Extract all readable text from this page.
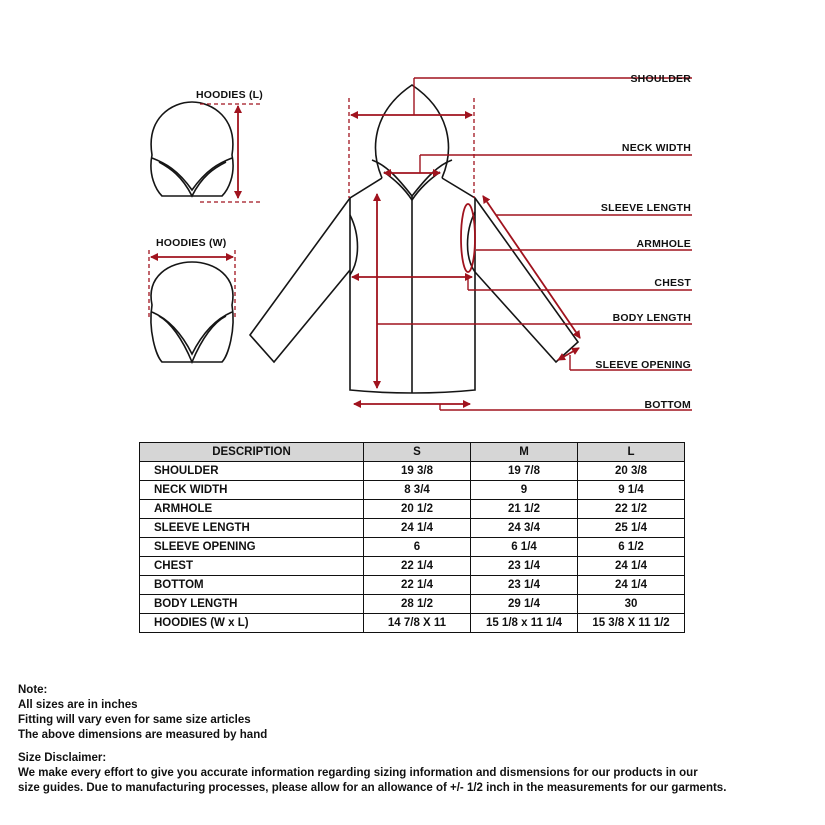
HOODIES (L)
HOODIES (W)
SHOULDER
NECK WIDTH
SLEEVE LENGTH
ARMHOLE
CHEST
BODY LENGTH
SLEEVE OPENING
BOTTOM
DESCRIPTION	S	M	L
SHOULDER	19 3/8	19 7/8	20 3/8
NECK WIDTH	8 3/4	9	9 1/4
ARMHOLE	20 1/2	21 1/2	22 1/2
SLEEVE LENGTH	24 1/4	24 3/4	25 1/4
SLEEVE OPENING	6	6 1/4	6 1/2
CHEST	22 1/4	23 1/4	24 1/4
BOTTOM	22 1/4	23 1/4	24 1/4
BODY LENGTH	28 1/2	29 1/4	30
HOODIES (W x L)	14 7/8 X 11	15 1/8 x 11 1/4	15 3/8 X 11 1/2

Note:

All sizes are in inches

Fitting will vary even for same size articles

The above dimensions are measured by hand

Size Disclaimer:

We make every effort to give you accurate information regarding sizing information and dismensions for our products in our

size guides. Due to manufacturing processes, please allow for an allowance of +/- 1/2 inch in the measurements for our garments.
